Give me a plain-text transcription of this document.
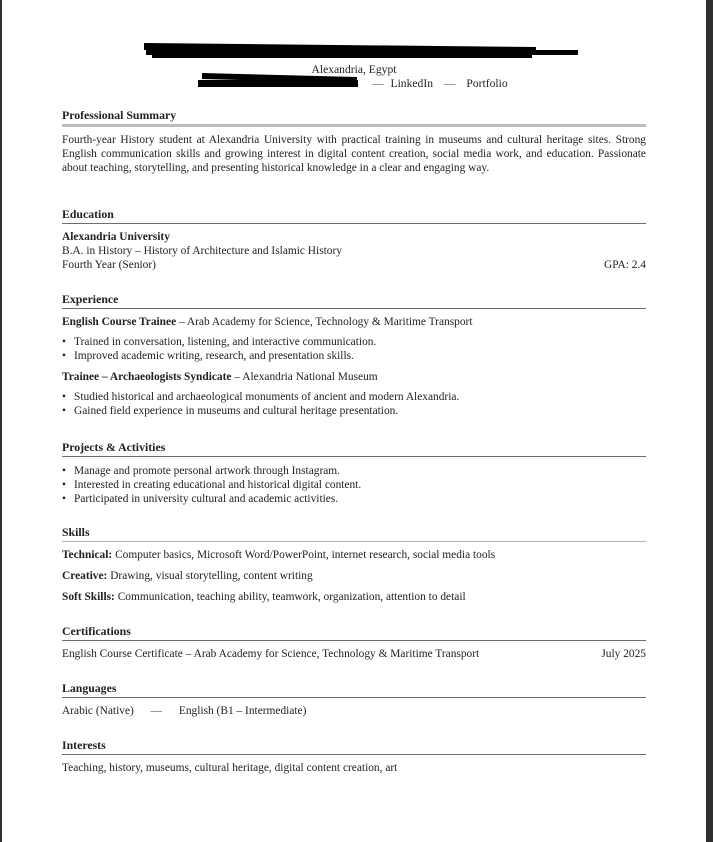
Alexandria, Egypt
— LinkedIn — Portfolio
Professional Summary
Fourth-year History student at Alexandria University with practical training in museums and cultural heritage sites. Strong English communication skills and growing interest in digital content creation, social media work, and education. Passionate about teaching, storytelling, and presenting historical knowledge in a clear and engaging way.
Education
Alexandria University
B.A. in History – History of Architecture and Islamic History
Fourth Year (Senior)	GPA: 2.4
Experience
English Course Trainee – Arab Academy for Science, Technology & Maritime Transport
• Trained in conversation, listening, and interactive communication.
• Improved academic writing, research, and presentation skills.
Trainee – Archaeologists Syndicate – Alexandria National Museum
• Studied historical and archaeological monuments of ancient and modern Alexandria.
• Gained field experience in museums and cultural heritage presentation.
Projects & Activities
• Manage and promote personal artwork through Instagram.
• Interested in creating educational and historical digital content.
• Participated in university cultural and academic activities.
Skills
Technical: Computer basics, Microsoft Word/PowerPoint, internet research, social media tools
Creative: Drawing, visual storytelling, content writing
Soft Skills: Communication, teaching ability, teamwork, organization, attention to detail
Certifications
English Course Certificate – Arab Academy for Science, Technology & Maritime Transport	July 2025
Languages
Arabic (Native) — English (B1 – Intermediate)
Interests
Teaching, history, museums, cultural heritage, digital content creation, art
